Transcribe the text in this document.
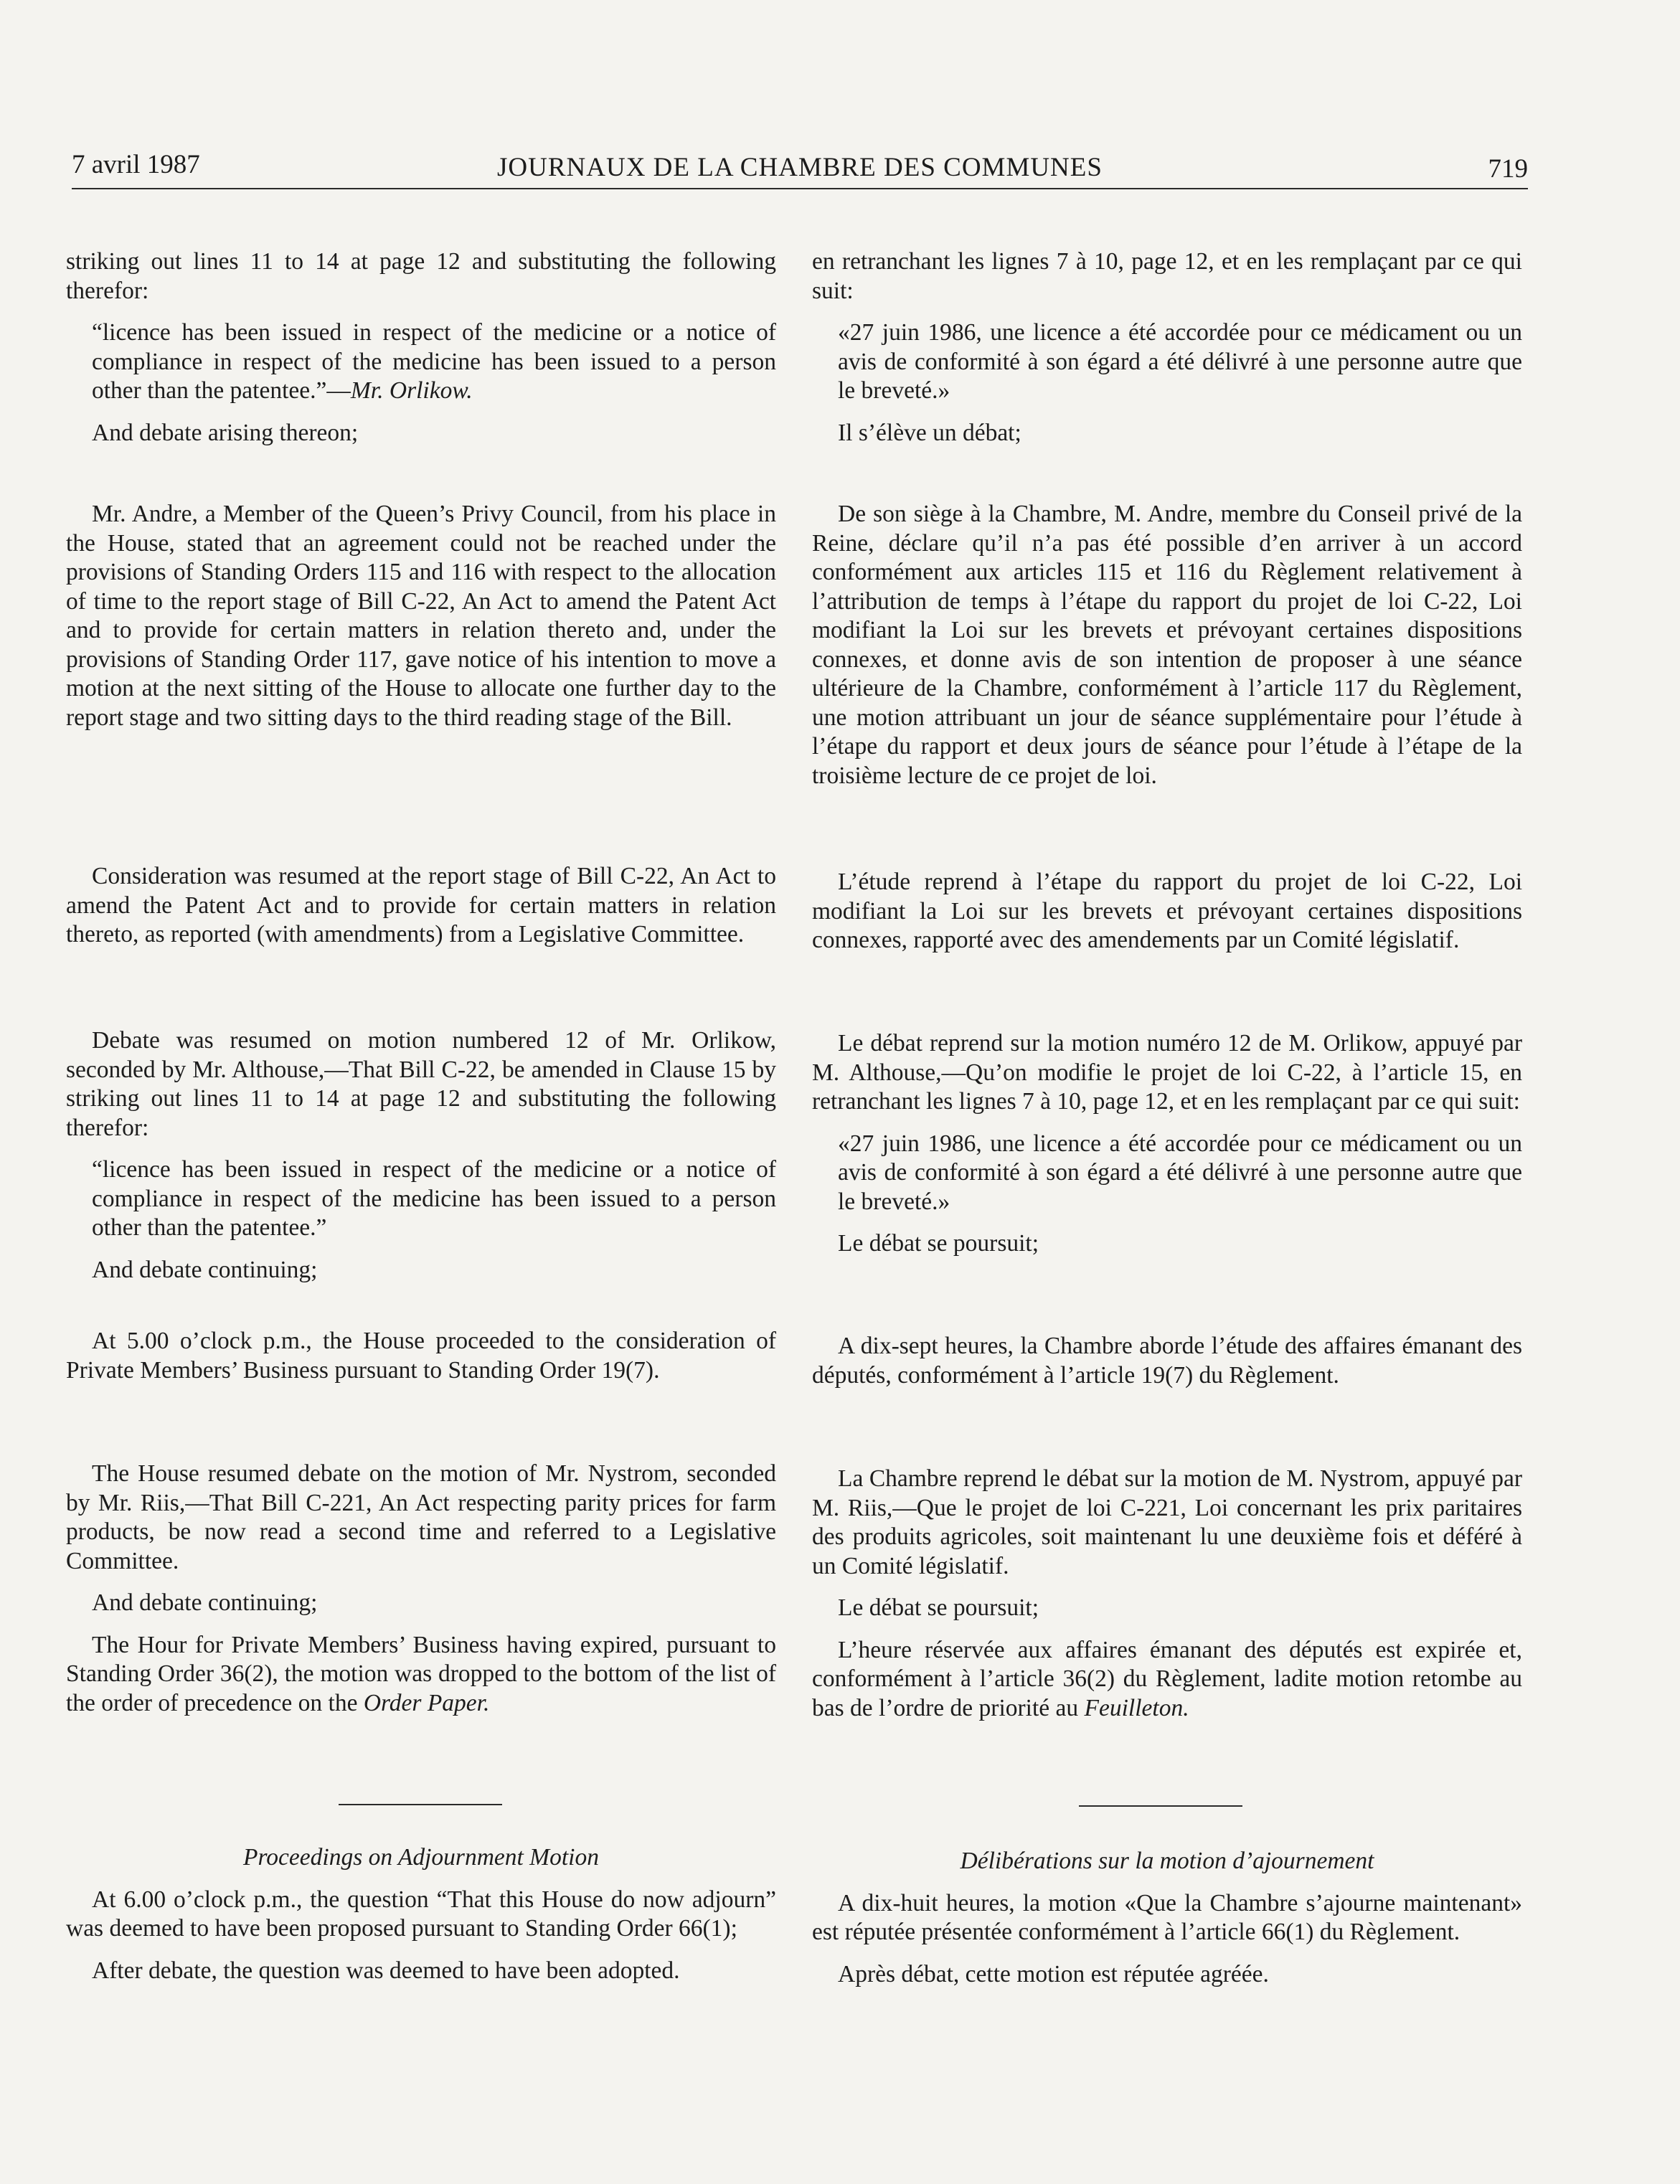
7 avril 1987	JOURNAUX DE LA CHAMBRE DES COMMUNES	719

striking out lines 11 to 14 at page 12 and substituting the following therefor:

“licence has been issued in respect of the medicine or a notice of compliance in respect of the medicine has been issued to a person other than the patentee.”—Mr. Orlikow.

And debate arising thereon;

Mr. Andre, a Member of the Queen’s Privy Council, from his place in the House, stated that an agreement could not be reached under the provisions of Standing Orders 115 and 116 with respect to the allocation of time to the report stage of Bill C-22, An Act to amend the Patent Act and to provide for certain matters in relation thereto and, under the provisions of Standing Order 117, gave notice of his intention to move a motion at the next sitting of the House to allocate one further day to the report stage and two sitting days to the third reading stage of the Bill.

Consideration was resumed at the report stage of Bill C-22, An Act to amend the Patent Act and to provide for certain matters in relation thereto, as reported (with amendments) from a Legislative Committee.

Debate was resumed on motion numbered 12 of Mr. Orlikow, seconded by Mr. Althouse,—That Bill C-22, be amended in Clause 15 by striking out lines 11 to 14 at page 12 and substituting the following therefor:

“licence has been issued in respect of the medicine or a notice of compliance in respect of the medicine has been issued to a person other than the patentee.”

And debate continuing;

At 5.00 o’clock p.m., the House proceeded to the consideration of Private Members’ Business pursuant to Standing Order 19(7).

The House resumed debate on the motion of Mr. Nystrom, seconded by Mr. Riis,—That Bill C-221, An Act respecting parity prices for farm products, be now read a second time and referred to a Legislative Committee.

And debate continuing;

The Hour for Private Members’ Business having expired, pursuant to Standing Order 36(2), the motion was dropped to the bottom of the list of the order of precedence on the Order Paper.

Proceedings on Adjournment Motion

At 6.00 o’clock p.m., the question “That this House do now adjourn” was deemed to have been proposed pursuant to Standing Order 66(1);

After debate, the question was deemed to have been adopted.

en retranchant les lignes 7 à 10, page 12, et en les remplaçant par ce qui suit:

«27 juin 1986, une licence a été accordée pour ce médicament ou un avis de conformité à son égard a été délivré à une personne autre que le breveté.»

Il s’élève un débat;

De son siège à la Chambre, M. Andre, membre du Conseil privé de la Reine, déclare qu’il n’a pas été possible d’en arriver à un accord conformément aux articles 115 et 116 du Règlement relativement à l’attribution de temps à l’étape du rapport du projet de loi C-22, Loi modifiant la Loi sur les brevets et prévoyant certaines dispositions connexes, et donne avis de son intention de proposer à une séance ultérieure de la Chambre, conformément à l’article 117 du Règlement, une motion attribuant un jour de séance supplémentaire pour l’étude à l’étape du rapport et deux jours de séance pour l’étude à l’étape de la troisième lecture de ce projet de loi.

L’étude reprend à l’étape du rapport du projet de loi C-22, Loi modifiant la Loi sur les brevets et prévoyant certaines dispositions connexes, rapporté avec des amendements par un Comité législatif.

Le débat reprend sur la motion numéro 12 de M. Orlikow, appuyé par M. Althouse,—Qu’on modifie le projet de loi C-22, à l’article 15, en retranchant les lignes 7 à 10, page 12, et en les remplaçant par ce qui suit:

«27 juin 1986, une licence a été accordée pour ce médicament ou un avis de conformité à son égard a été délivré à une personne autre que le breveté.»

Le débat se poursuit;

A dix-sept heures, la Chambre aborde l’étude des affaires émanant des députés, conformément à l’article 19(7) du Règlement.

La Chambre reprend le débat sur la motion de M. Nystrom, appuyé par M. Riis,—Que le projet de loi C-221, Loi concernant les prix paritaires des produits agricoles, soit maintenant lu une deuxième fois et déféré à un Comité législatif.

Le débat se poursuit;

L’heure réservée aux affaires émanant des députés est expirée et, conformément à l’article 36(2) du Règlement, ladite motion retombe au bas de l’ordre de priorité au Feuilleton.

Délibérations sur la motion d’ajournement

A dix-huit heures, la motion «Que la Chambre s’ajourne maintenant» est réputée présentée conformément à l’article 66(1) du Règlement.

Après débat, cette motion est réputée agréée.
